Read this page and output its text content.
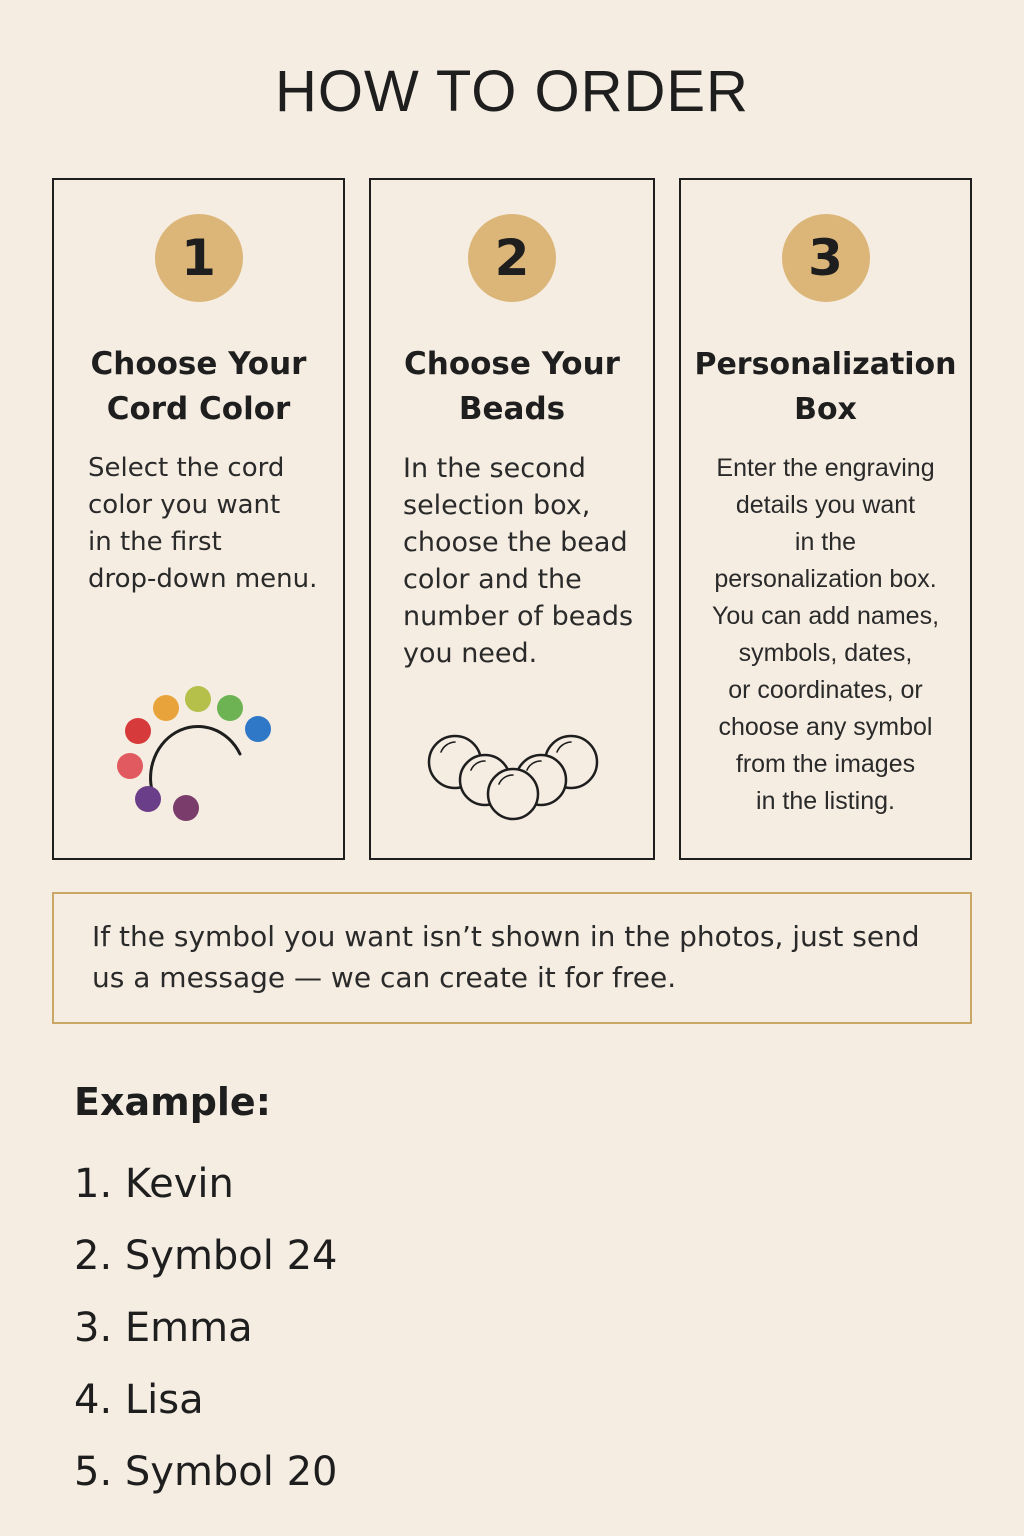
HOW TO ORDER
1
Choose Your
Cord Color
Select the cord
color you want
in the first
drop-down menu.
2
Choose Your
Beads
In the second
selection box,
choose the bead
color and the
number of beads
you need.
3
Personalization
Box
Enter the engraving
details you want
in the
personalization box.
You can add names,
symbols, dates,
or coordinates, or
choose any symbol
from the images
in the listing.

If the symbol you want isn’t shown in the photos, just send us a message — we can create it for free.

Example:
1. Kevin
2. Symbol 24
3. Emma
4. Lisa
5. Symbol 20
